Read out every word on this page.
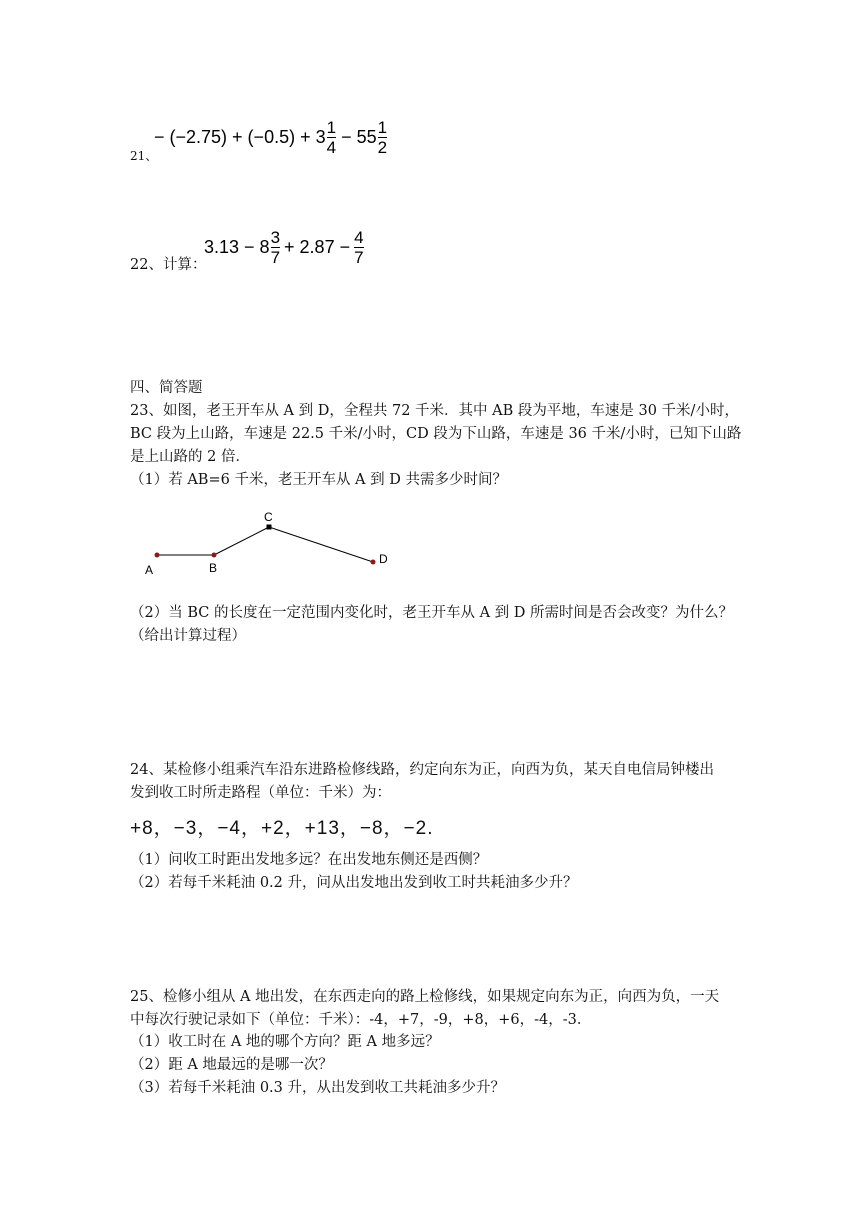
21、
− $(-2.75) + (-0.5) + 3 \frac{1}{4} - 55 \frac{1}{2}$
22、计算：
$3.13 - 8 \frac{3}{7} + 2.87 - \frac{4}{7}$
四、简答题
23、如图，老王开车从 A 到 D，全程共 72 千米．其中 AB 段为平地，车速是 30 千米/小时，
BC 段为上山路，车速是 22.5 千米/小时，CD 段为下山路，车速是 36 千米/小时，已知下山路
是上山路的 2 倍．
（1）若 AB=6 千米，老王开车从 A 到 D 共需多少时间？
A	B
C
D
（2）当 BC 的长度在一定范围内变化时，老王开车从 A 到 D 所需时间是否会改变？为什么？
（给出计算过程）
24、某检修小组乘汽车沿东进路检修线路，约定向东为正，向西为负，某天自电信局钟楼出
发到收工时所走路程（单位：千米）为：
+8，−3，−4，+2，+13，−8，−2.
（1）问收工时距出发地多远？在出发地东侧还是西侧？
（2）若每千米耗油 0.2 升，问从出发地出发到收工时共耗油多少升？
25、检修小组从 A 地出发，在东西走向的路上检修线，如果规定向东为正，向西为负，一天
中每次行驶记录如下（单位：千米）：-4，+7，-9，+8，+6，-4，-3．
（1）收工时在 A 地的哪个方向？距 A 地多远？
（2）距 A 地最远的是哪一次？
（3）若每千米耗油 0.3 升，从出发到收工共耗油多少升？
